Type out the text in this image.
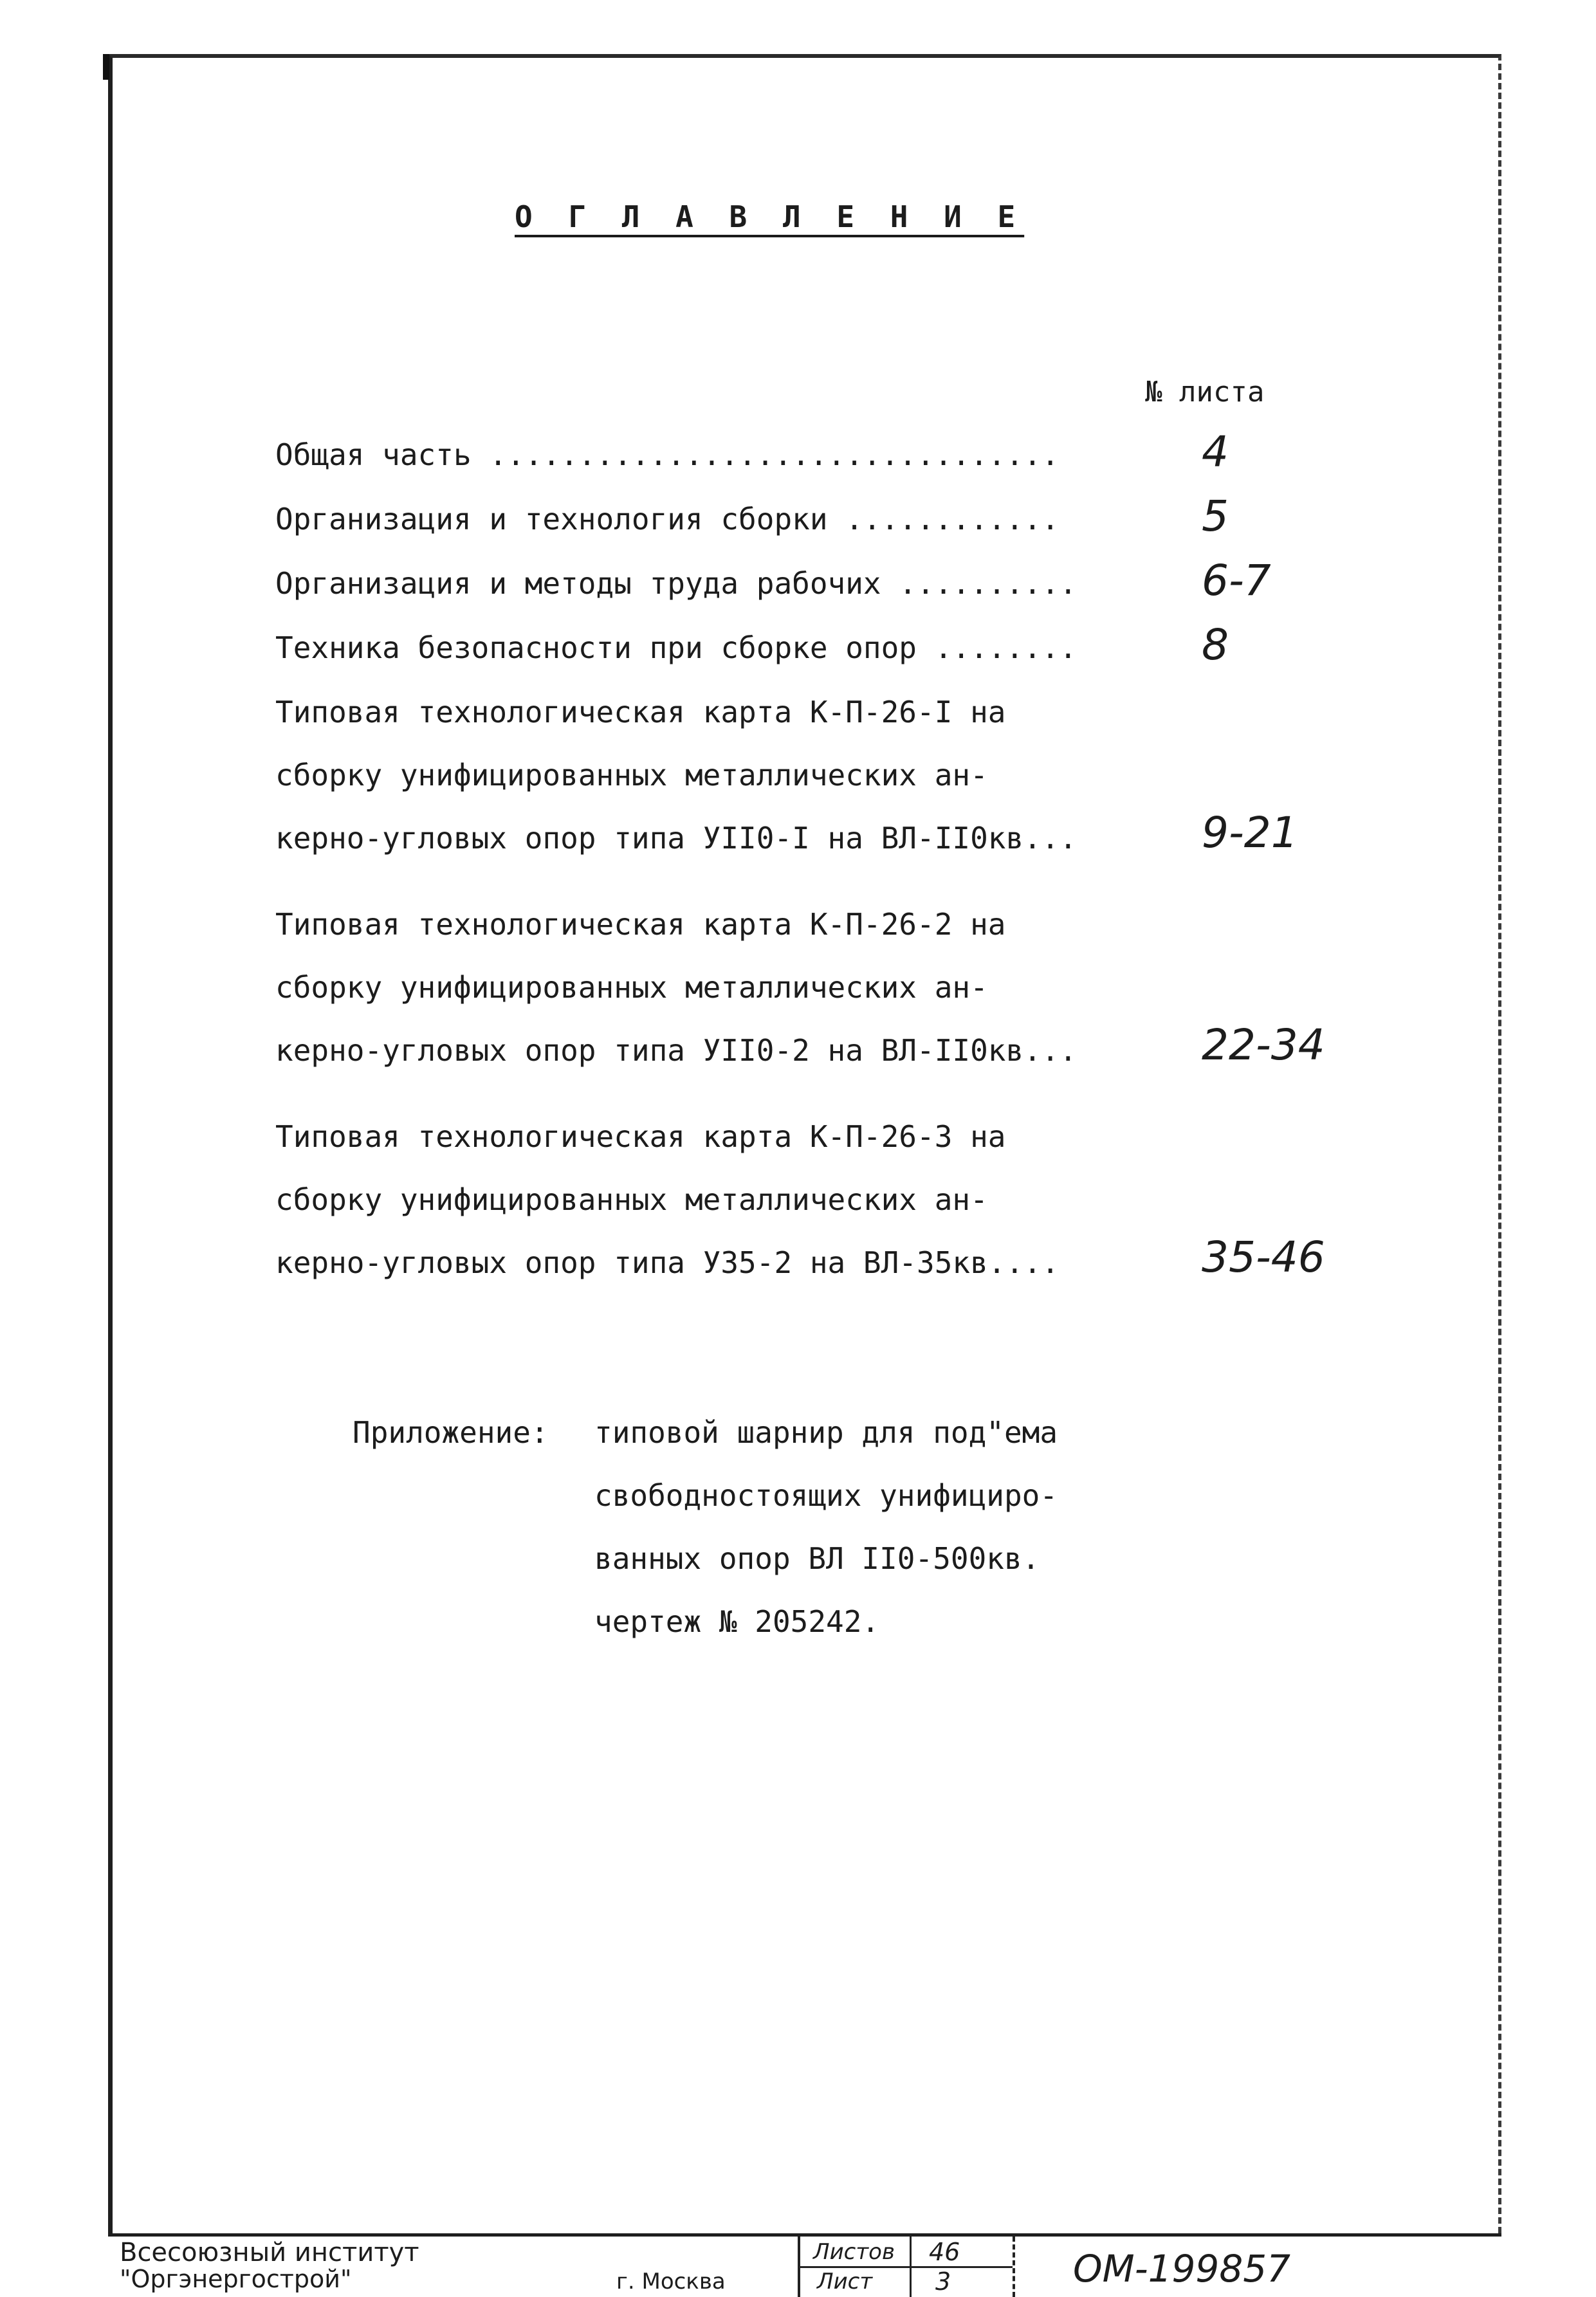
О Г Л А В Л Е Н И Е
№ листа
Общая часть ................................	4
Организация и технология сборки ............	5
Организация и методы труда рабочих ..........	6-7
Техника безопасности при сборке опор ........	8
Типовая технологическая карта К-П-26-I на
сборку унифицированных металлических ан-
керно-угловых опор типа УII0-I на ВЛ-II0кв...	9-21
Типовая технологическая карта К-П-26-2 на
сборку унифицированных металлических ан-
керно-угловых опор типа УII0-2 на ВЛ-II0кв...	22-34
Типовая технологическая карта К-П-26-3 на
сборку унифицированных металлических ан-
керно-угловых опор типа У35-2 на ВЛ-35кв....	35-46
Приложение: типовой шарнир для под"ема
свободностоящих унифициро-
ванных опор ВЛ II0-500кв.
чертеж № 205242.
Всесоюзный институт
"Оргэнергострой"	г. Москва
Листов 46
Лист	3	ОМ-199857
